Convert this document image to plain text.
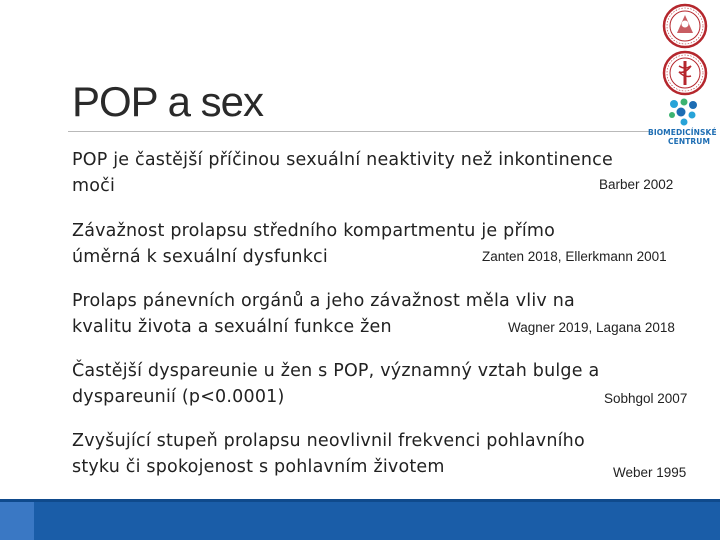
POP a sex
BIOMEDICÍNSKÉ
CENTRUM
POP je častější příčinou sexuální neaktivity než inkontinence
moči	Barber 2002
Závažnost prolapsu středního kompartmentu je přímo
úměrná k sexuální dysfunkci	Zanten 2018, Ellerkmann 2001
Prolaps pánevních orgánů a jeho závažnost měla vliv na
kvalitu života a sexuální funkce žen	Wagner 2019, Lagana 2018
Častější dyspareunie u žen s POP, významný vztah bulge a
dyspareunií (p<0.0001)	Sobhgol 2007
Zvyšující stupeň prolapsu neovlivnil frekvenci pohlavního
styku či spokojenost s pohlavním životem	Weber 1995
